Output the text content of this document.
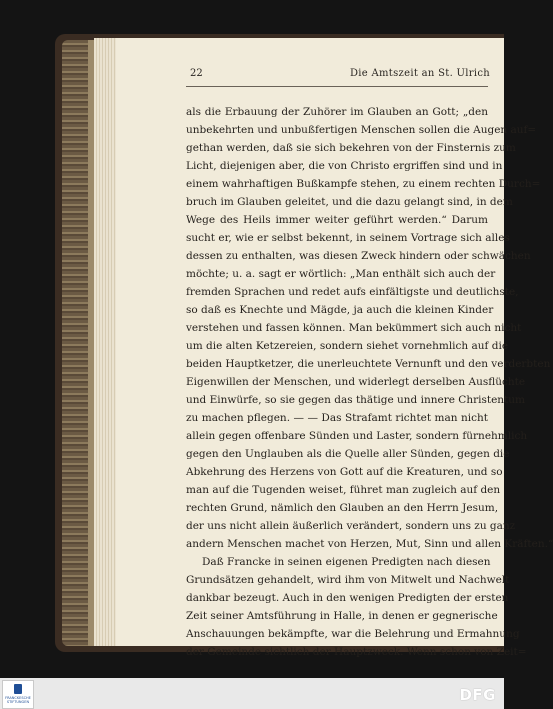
22	Die Amtszeit an St. Ulrich
als die Erbauung der Zuhörer im Glauben an Gott; „den
unbekehrten und unbußfertigen Menschen sollen die Augen auf=
gethan werden, daß sie sich bekehren von der Finsternis zum
Licht, diejenigen aber, die von Christo ergriffen sind und in
einem wahrhaftigen Bußkampfe stehen, zu einem rechten Durch=
bruch im Glauben geleitet, und die dazu gelangt sind, in dem
Wege des Heils immer weiter geführt werden.“ Darum
sucht er, wie er selbst bekennt, in seinem Vortrage sich alles
dessen zu enthalten, was diesen Zweck hindern oder schwächen
möchte; u. a. sagt er wörtlich: „Man enthält sich auch der
fremden Sprachen und redet aufs einfältigste und deutlichste,
so daß es Knechte und Mägde, ja auch die kleinen Kinder
verstehen und fassen können. Man bekümmert sich auch nicht
um die alten Ketzereien, sondern siehet vornehmlich auf die
beiden Hauptketzer, die unerleuchtete Vernunft und den verderbten
Eigenwillen der Menschen, und widerlegt derselben Ausflüchte
und Einwürfe, so sie gegen das thätige und innere Christentum
zu machen pflegen. — — Das Strafamt richtet man nicht
allein gegen offenbare Sünden und Laster, sondern fürnehmlich
gegen den Unglauben als die Quelle aller Sünden, gegen die
Abkehrung des Herzens von Gott auf die Kreaturen, und so
man auf die Tugenden weiset, führet man zugleich auf den
rechten Grund, nämlich den Glauben an den Herrn Jesum,
der uns nicht allein äußerlich verändert, sondern uns zu ganz
andern Menschen machet von Herzen, Mut, Sinn und allen Kräften.“
Daß Francke in seinen eigenen Predigten nach diesen
Grundsätzen gehandelt, wird ihm von Mitwelt und Nachwelt
dankbar bezeugt. Auch in den wenigen Predigten der ersten
Zeit seiner Amtsführung in Halle, in denen er gegnerische
Anschauungen bekämpfte, war die Belehrung und Ermahnung
der Gemeinde sichtlich der Hauptzweck. Wenn schon von Zeit=
FRANCKESCHE STIFTUNGEN	DFG
